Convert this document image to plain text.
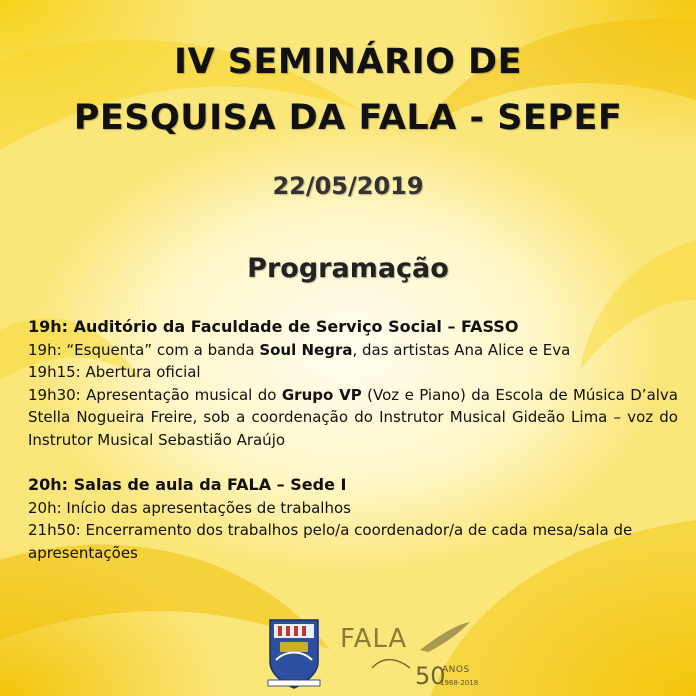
IV SEMINÁRIO DE
PESQUISA DA FALA - SEPEF
22/05/2019
Programação
19h: Auditório da Faculdade de Serviço Social – FASSO
19h: “Esquenta” com a banda Soul Negra, das artistas Ana Alice e Eva
19h15: Abertura oficial
19h30: Apresentação musical do Grupo VP (Voz e Piano) da Escola de Música D’alva Stella Nogueira Freire, sob a coordenação do Instrutor Musical Gideão Lima – voz do Instrutor Musical Sebastião Araújo
20h: Salas de aula da FALA – Sede I
20h: Início das apresentações de trabalhos
21h50: Encerramento dos trabalhos pelo/a coordenador/a de cada mesa/sala de apresentações
FALA
50
ANOS
1968-2018
